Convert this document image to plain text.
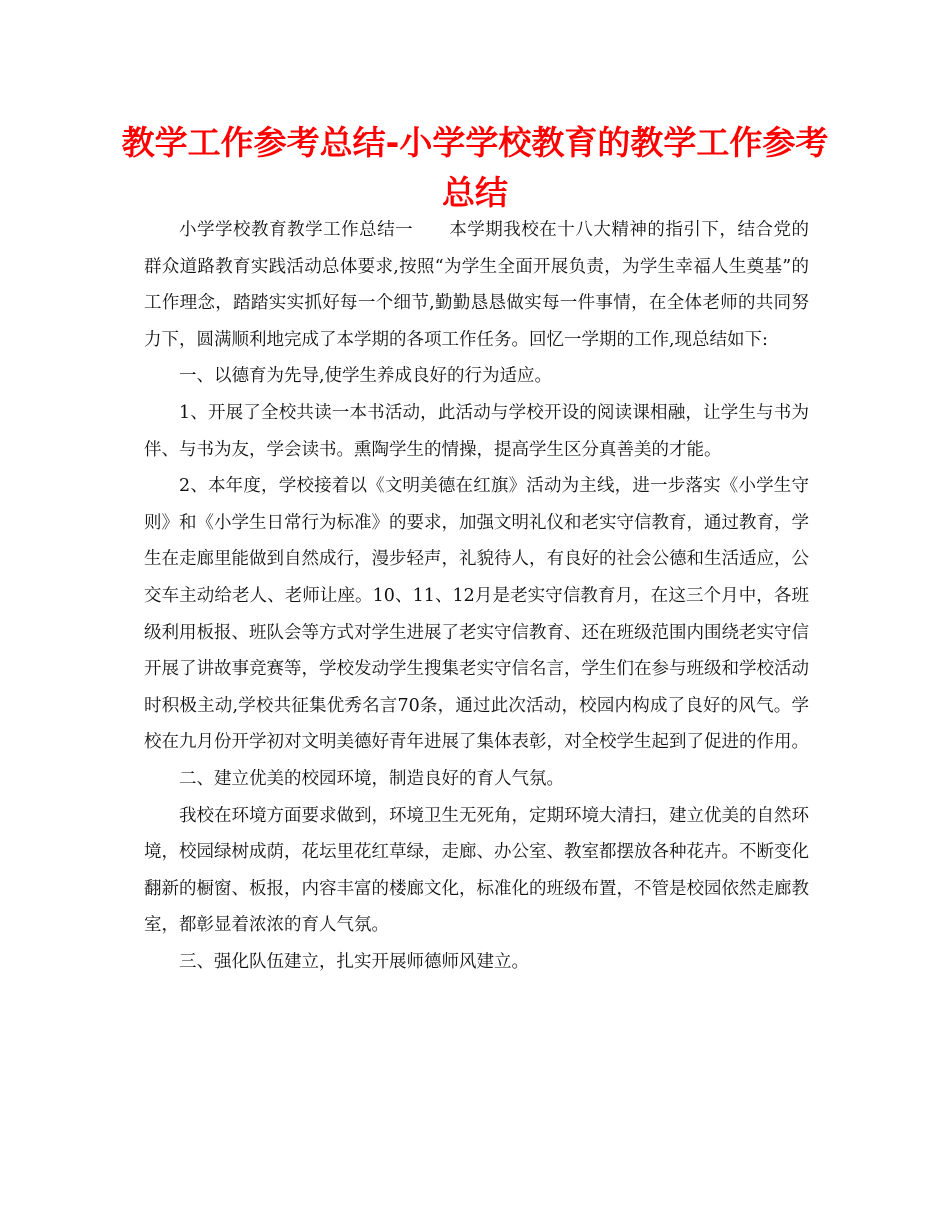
教学工作参考总结-小学学校教育的教学工作参考总结

小学学校教育教学工作总结一 本学期我校在十八大精神的指引下，结合党的群众道路教育实践活动总体要求,按照“为学生全面开展负责，为学生幸福人生奠基”的工作理念，踏踏实实抓好每一个细节,勤勤恳恳做实每一件事情，在全体老师的共同努力下，圆满顺利地完成了本学期的各项工作任务。回忆一学期的工作,现总结如下:

一、以德育为先导,使学生养成良好的行为适应。

1、开展了全校共读一本书活动，此活动与学校开设的阅读课相融，让学生与书为伴、与书为友，学会读书。熏陶学生的情操，提高学生区分真善美的才能。

2、本年度，学校接着以《文明美德在红旗》活动为主线，进一步落实《小学生守则》和《小学生日常行为标准》的要求，加强文明礼仪和老实守信教育，通过教育，学生在走廊里能做到自然成行，漫步轻声，礼貌待人，有良好的社会公德和生活适应，公交车主动给老人、老师让座。10、11、12月是老实守信教育月，在这三个月中，各班级利用板报、班队会等方式对学生进展了老实守信教育、还在班级范围内围绕老实守信开展了讲故事竞赛等，学校发动学生搜集老实守信名言，学生们在参与班级和学校活动时积极主动,学校共征集优秀名言70条，通过此次活动，校园内构成了良好的风气。学校在九月份开学初对文明美德好青年进展了集体表彰，对全校学生起到了促进的作用。

二、建立优美的校园环境，制造良好的育人气氛。

我校在环境方面要求做到，环境卫生无死角，定期环境大清扫，建立优美的自然环境，校园绿树成荫，花坛里花红草绿，走廊、办公室、教室都摆放各种花卉。不断变化翻新的橱窗、板报，内容丰富的楼廊文化，标准化的班级布置，不管是校园依然走廊教室，都彰显着浓浓的育人气氛。

三、强化队伍建立，扎实开展师德师风建立。
